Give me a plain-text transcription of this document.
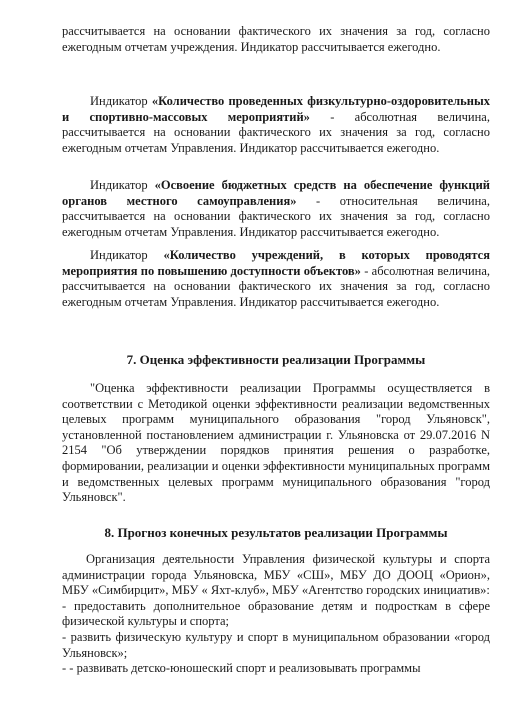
рассчитывается на основании фактического их значения за год, согласно ежегодным отчетам учреждения. Индикатор рассчитывается ежегодно.

Индикатор «Количество проведенных физкультурно-оздоровительных и спортивно-массовых мероприятий» - абсолютная величина, рассчитывается на основании фактического их значения за год, согласно ежегодным отчетам Управления. Индикатор рассчитывается ежегодно.

Индикатор «Освоение бюджетных средств на обеспечение функций органов местного самоуправления» - относительная величина, рассчитывается на основании фактического их значения за год, согласно ежегодным отчетам Управления. Индикатор рассчитывается ежегодно.

Индикатор «Количество учреждений, в которых проводятся мероприятия по повышению доступности объектов» - абсолютная величина, рассчитывается на основании фактического их значения за год, согласно ежегодным отчетам Управления. Индикатор рассчитывается ежегодно.

7. Оценка эффективности реализации Программы

"Оценка эффективности реализации Программы осуществляется в соответствии с Методикой оценки эффективности реализации ведомственных целевых программ муниципального образования "город Ульяновск", установленной постановлением администрации г. Ульяновска от 29.07.2016 N 2154 "Об утверждении порядков принятия решения о разработке, формировании, реализации и оценки эффективности муниципальных программ и ведомственных целевых программ муниципального образования "город Ульяновск".

8. Прогноз конечных результатов реализации Программы

Организация деятельности Управления физической культуры и спорта администрации города Ульяновска, МБУ «СШ», МБУ ДО ДООЦ «Орион», МБУ «Симбирцит», МБУ « Яхт-клуб», МБУ «Агентство городских инициатив»:

- предоставить дополнительное образование детям и подросткам в сфере физической культуры и спорта;

- развить физическую культуру и спорт в муниципальном образовании «город Ульяновск»;

- - развивать детско-юношеский спорт и реализовывать программы
